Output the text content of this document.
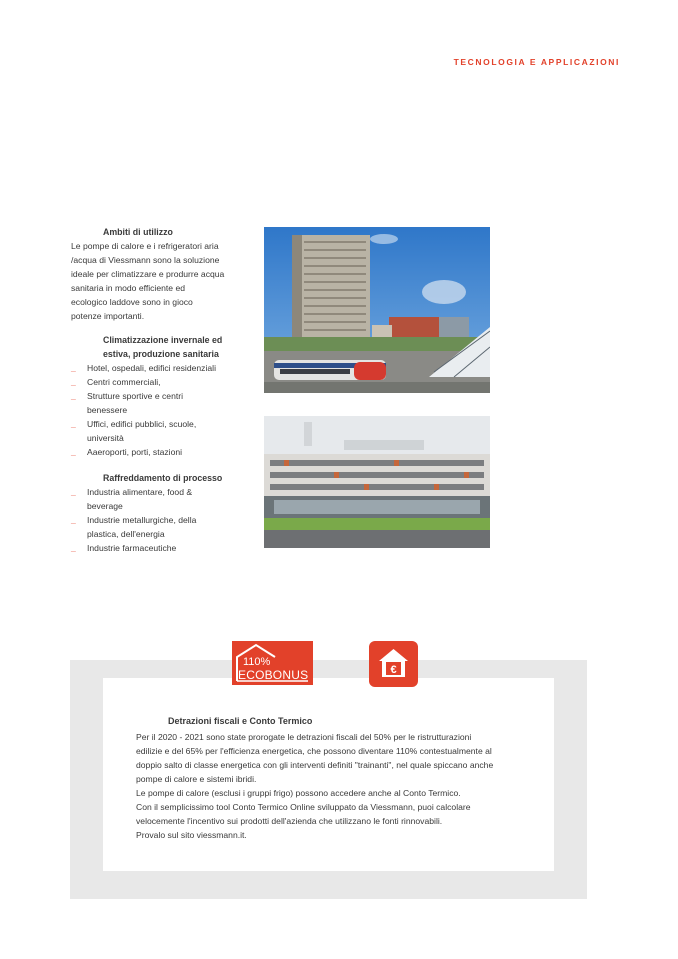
TECNOLOGIA E APPLICAZIONI
Ambiti di utilizzo
Le pompe di calore e i refrigeratori aria
/acqua di Viessmann sono la soluzione
ideale per climatizzare e produrre acqua
sanitaria in modo efficiente ed
ecologico laddove sono in gioco
potenze importanti.
Climatizzazione invernale ed
estiva, produzione sanitaria
_ Hotel, ospedali, edifici residenziali
_ Centri commerciali,
_ Strutture sportive e centri
benessere
_ Uffici, edifici pubblici, scuole,
università
_ Aaeroporti, porti, stazioni
Raffreddamento di processo
_ Industria alimentare, food &
beverage
_ Industrie metallurgiche, della
plastica, dell'energia
_ Industrie farmaceutiche
110%
ECOBONUS	€
Detrazioni fiscali e Conto Termico

Per il 2020 - 2021 sono state prorogate le detrazioni fiscali del 50% per le ristrutturazioni

edilizie e del 65% per l'efficienza energetica, che possono diventare 110% contestualmente al

doppio salto di classe energetica con gli interventi definiti "trainanti", nel quale spiccano anche

pompe di calore e sistemi ibridi.

Le pompe di calore (esclusi i gruppi frigo) possono accedere anche al Conto Termico.

Con il semplicissimo tool Conto Termico Online sviluppato da Viessmann, puoi calcolare

velocemente l'incentivo sui prodotti dell'azienda che utilizzano le fonti rinnovabili.

Provalo sul sito viessmann.it.
